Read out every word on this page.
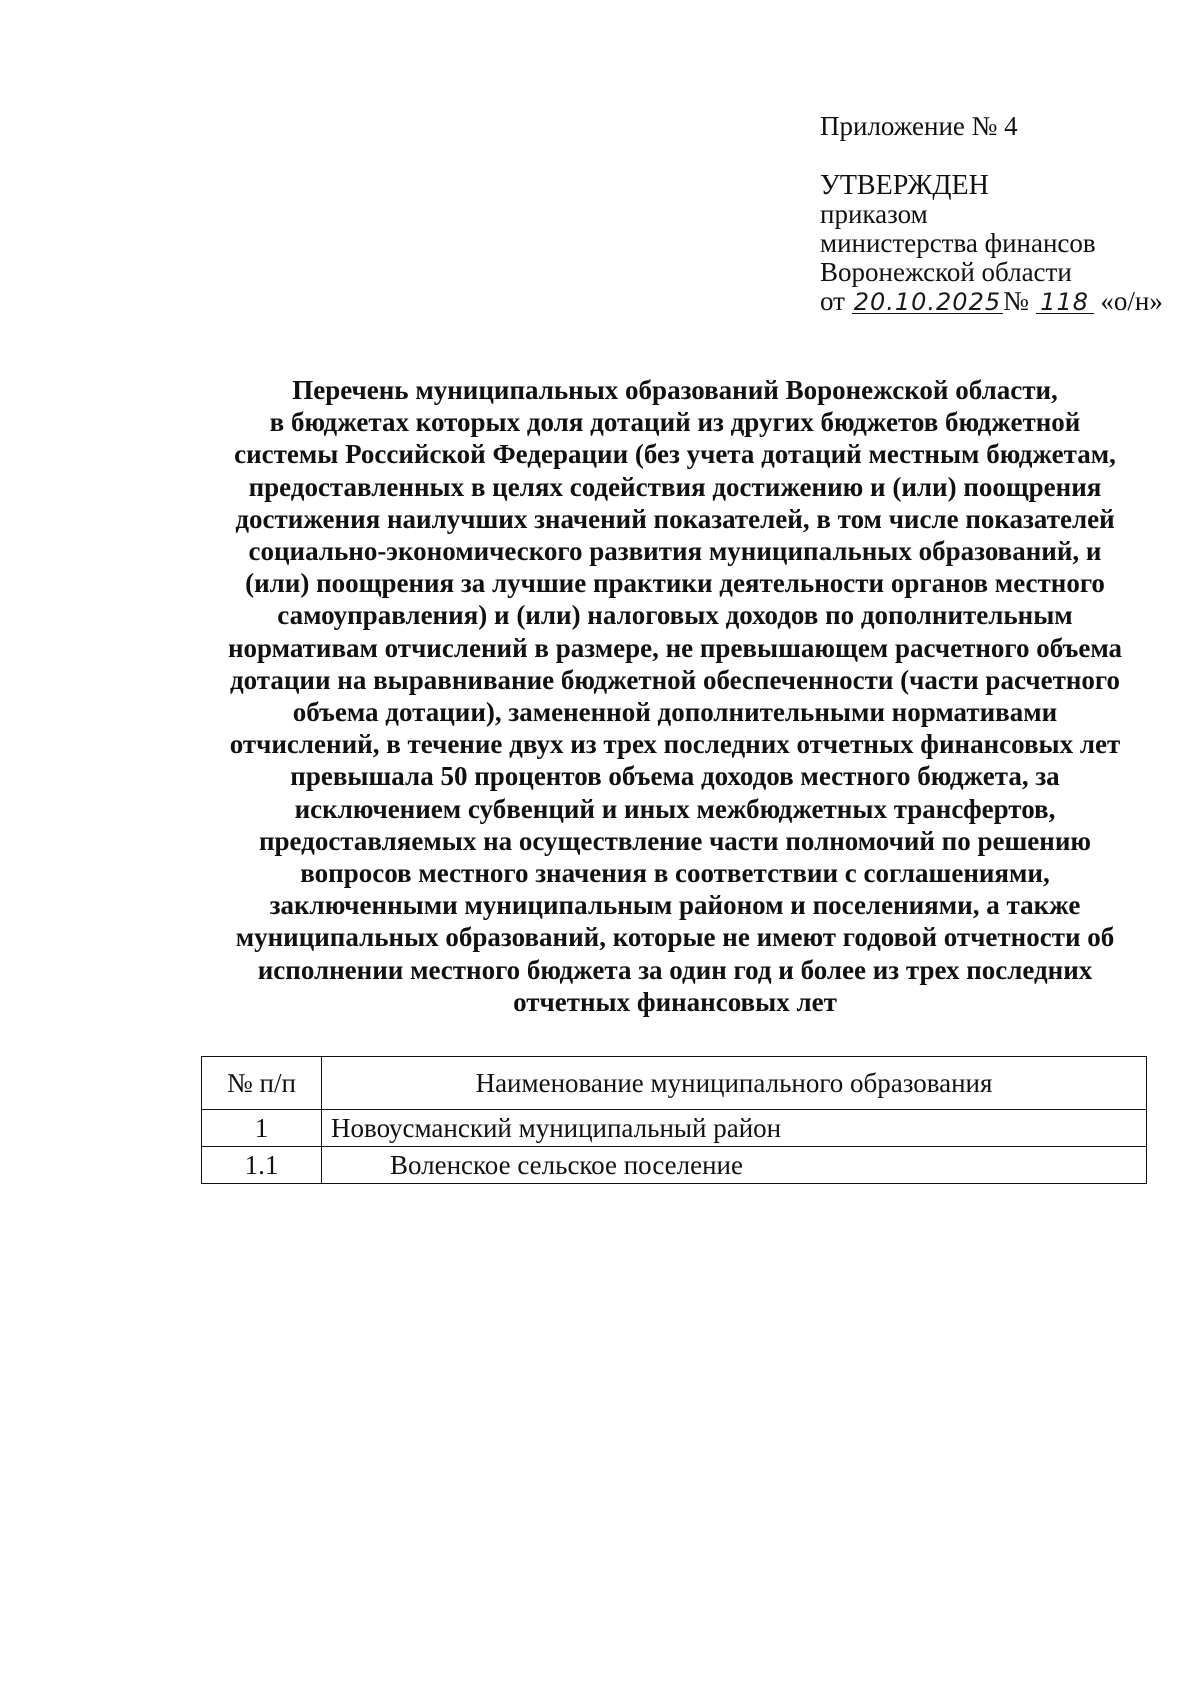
Приложение № 4
УТВЕРЖДЕН
приказом
министерства финансов
Воронежской области
от 20.10.2025№ 118 «о/н»
Перечень муниципальных образований Воронежской области,
в бюджетах которых доля дотаций из других бюджетов бюджетной
системы Российской Федерации (без учета дотаций местным бюджетам,
предоставленных в целях содействия достижению и (или) поощрения
достижения наилучших значений показателей, в том числе показателей
социально-экономического развития муниципальных образований, и
(или) поощрения за лучшие практики деятельности органов местного
самоуправления) и (или) налоговых доходов по дополнительным
нормативам отчислений в размере, не превышающем расчетного объема
дотации на выравнивание бюджетной обеспеченности (части расчетного
объема дотации), замененной дополнительными нормативами
отчислений, в течение двух из трех последних отчетных финансовых лет
превышала 50 процентов объема доходов местного бюджета, за
исключением субвенций и иных межбюджетных трансфертов,
предоставляемых на осуществление части полномочий по решению
вопросов местного значения в соответствии с соглашениями,
заключенными муниципальным районом и поселениями, а также
муниципальных образований, которые не имеют годовой отчетности об
исполнении местного бюджета за один год и более из трех последних
отчетных финансовых лет
№ п/п	Наименование муниципального образования
1	Новоусманский муниципальный район
1.1	Воленское сельское поселение
